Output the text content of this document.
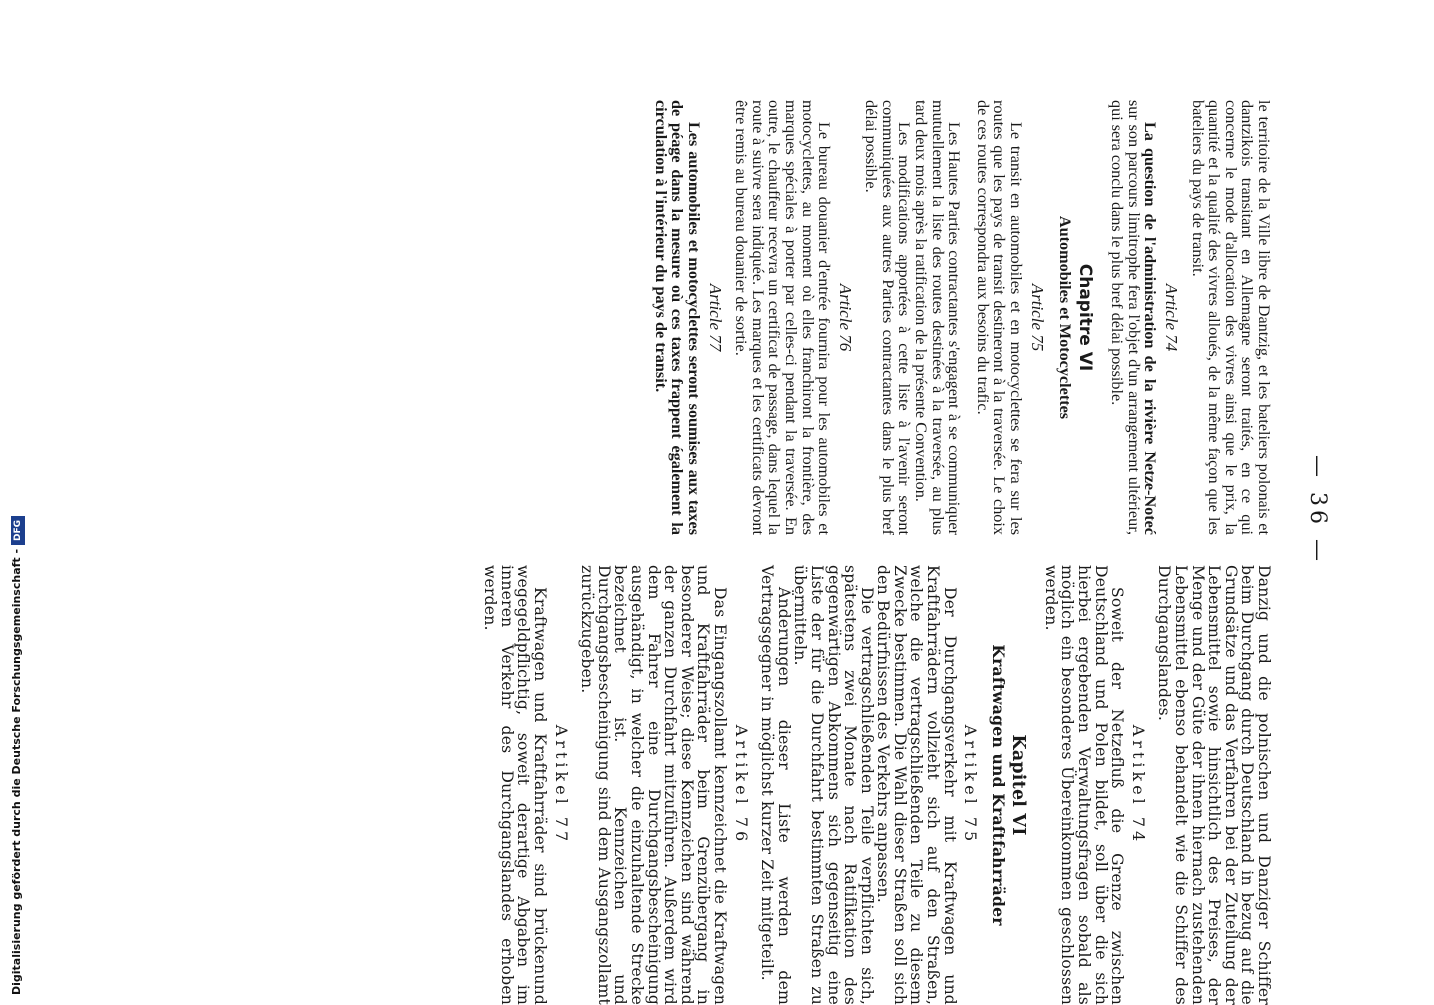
— 36 —

le territoire de la Ville libre de Dantzig, et les bateliers polonais et dantzikois transitant en Allemagne seront traités, en ce qui concerne le mode d'allocation des vivres ainsi que le prix, la quantité et la qualité des vivres alloués, de la même façon que les bateliers du pays de transit.

Article 74

La question de l'administration de la rivière Netze-Noteć sur son parcours limitrophe fera l'objet d'un arrangement ultérieur, qui sera conclu dans le plus bref délai possible.

Chapitre VI
Automobiles et Motocyclettes
Article 75

Le transit en automobiles et en motocyclettes se fera sur les routes que les pays de transit destineront à la traversée. Le choix de ces routes correspondra aux besoins du trafic.

Les Hautes Parties contractantes s'engagent à se communiquer mutuellement la liste des routes destinées à la traversée, au plus tard deux mois après la ratification de la présente Convention.

Les modifications apportées à cette liste à l'avenir seront communiquées aux autres Parties contractantes dans le plus bref délai possible.

Article 76

Le bureau douanier d'entrée fournira pour les automobiles et motocyclettes, au moment où elles franchiront la frontière, des marques spéciales à porter par celles-ci pendant la traversée. En outre, le chauffeur recevra un certificat de passage, dans lequel la route à suivre sera indiquée. Les marques et les certificats devront être remis au bureau douanier de sortie.

Article 77

Les automobiles et motocyclettes seront soumises aux taxes de péage dans la mesure où ces taxes frappent également la circulation à l'intérieur du pays de transit.

Danzig und die polnischen und Danziger Schiffer beim Durchgang durch Deutschland in bezug auf die Grundsätze und das Verfahren bei der Zuteilung der Lebensmittel sowie hinsichtlich des Preises, der Menge und der Güte der ihnen hiernach zustehenden Lebensmittel ebenso behandelt wie die Schiffer des Durchgangslandes.

Artikel 74

Soweit der Netzefluß die Grenze zwischen Deutschland und Polen bildet, soll über die sich hierbei ergebenden Verwaltungsfragen sobald als möglich ein besonderes Übereinkommen geschlossen werden.

Kapitel VI
Kraftwagen und Kraftfahrräder
Artikel 75

Der Durchgangsverkehr mit Kraftwagen und Kraftfahrrädern vollzieht sich auf den Straßen, welche die vertragschließenden Teile zu diesem Zwecke bestimmen. Die Wahl dieser Straßen soll sich den Bedürfnissen des Verkehrs anpassen.

Die vertragschließenden Teile verpflichten sich, spätestens zwei Monate nach Ratifikation des gegenwärtigen Abkommens sich gegenseitig eine Liste der für die Durchfahrt bestimmten Straßen zu übermitteln.

Änderungen dieser Liste werden dem Vertragsgegner in möglichst kurzer Zeit mitgeteilt.

Artikel 76

Das Eingangszollamt kennzeichnet die Kraftwagen und Kraftfahrräder beim Grenzübergang in besonderer Weise; diese Kennzeichen sind während der ganzen Durchfahrt mitzuführen. Außerdem wird dem Fahrer eine Durchgangsbescheinigung ausgehändigt, in welcher die einzuhaltende Strecke bezeichnet ist. Kennzeichen und Durchgangsbescheinigung sind dem Ausgangszollamt zurückzugeben.

Artikel 77

Kraftwagen und Kraftfahrräder sind brückenund wegegeldpflichtig, soweit derartige Abgaben im inneren Verkehr des Durchgangslandes erhoben werden.

Digitalisierung gefördert durch die Deutsche Forschungsgemeinschaft -DFG
